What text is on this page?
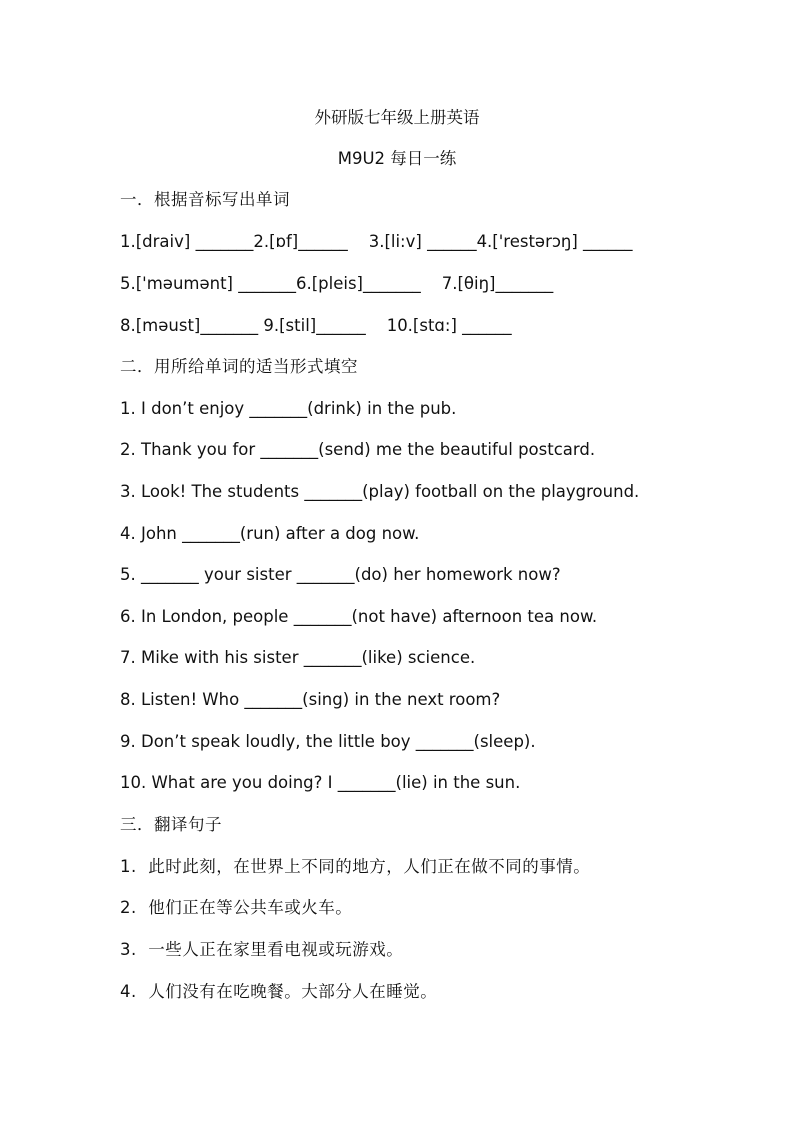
外研版七年级上册英语
M9U2 每日一练
一．根据音标写出单词
1.[draiv] _______2.[ɒf]______    3.[li:v] ______4.['restərɔŋ] ______
5.['məumənt] _______6.[pleis]_______    7.[θiŋ]_______
8.[məust]_______ 9.[stil]______    10.[stɑ:] ______
二．用所给单词的适当形式填空
1. I don’t enjoy _______(drink) in the pub.
2. Thank you for _______(send) me the beautiful postcard.
3. Look! The students _______(play) football on the playground.
4. John _______(run) after a dog now.
5. _______ your sister _______(do) her homework now?
6. In London, people _______(not have) afternoon tea now.
7. Mike with his sister _______(like) science.
8. Listen! Who _______(sing) in the next room?
9. Don’t speak loudly, the little boy _______(sleep).
10. What are you doing? I _______(lie) in the sun.
三．翻译句子
1.  此时此刻，在世界上不同的地方，人们正在做不同的事情。
2.  他们正在等公共车或火车。
3.  一些人正在家里看电视或玩游戏。
4.  人们没有在吃晚餐。大部分人在睡觉。
